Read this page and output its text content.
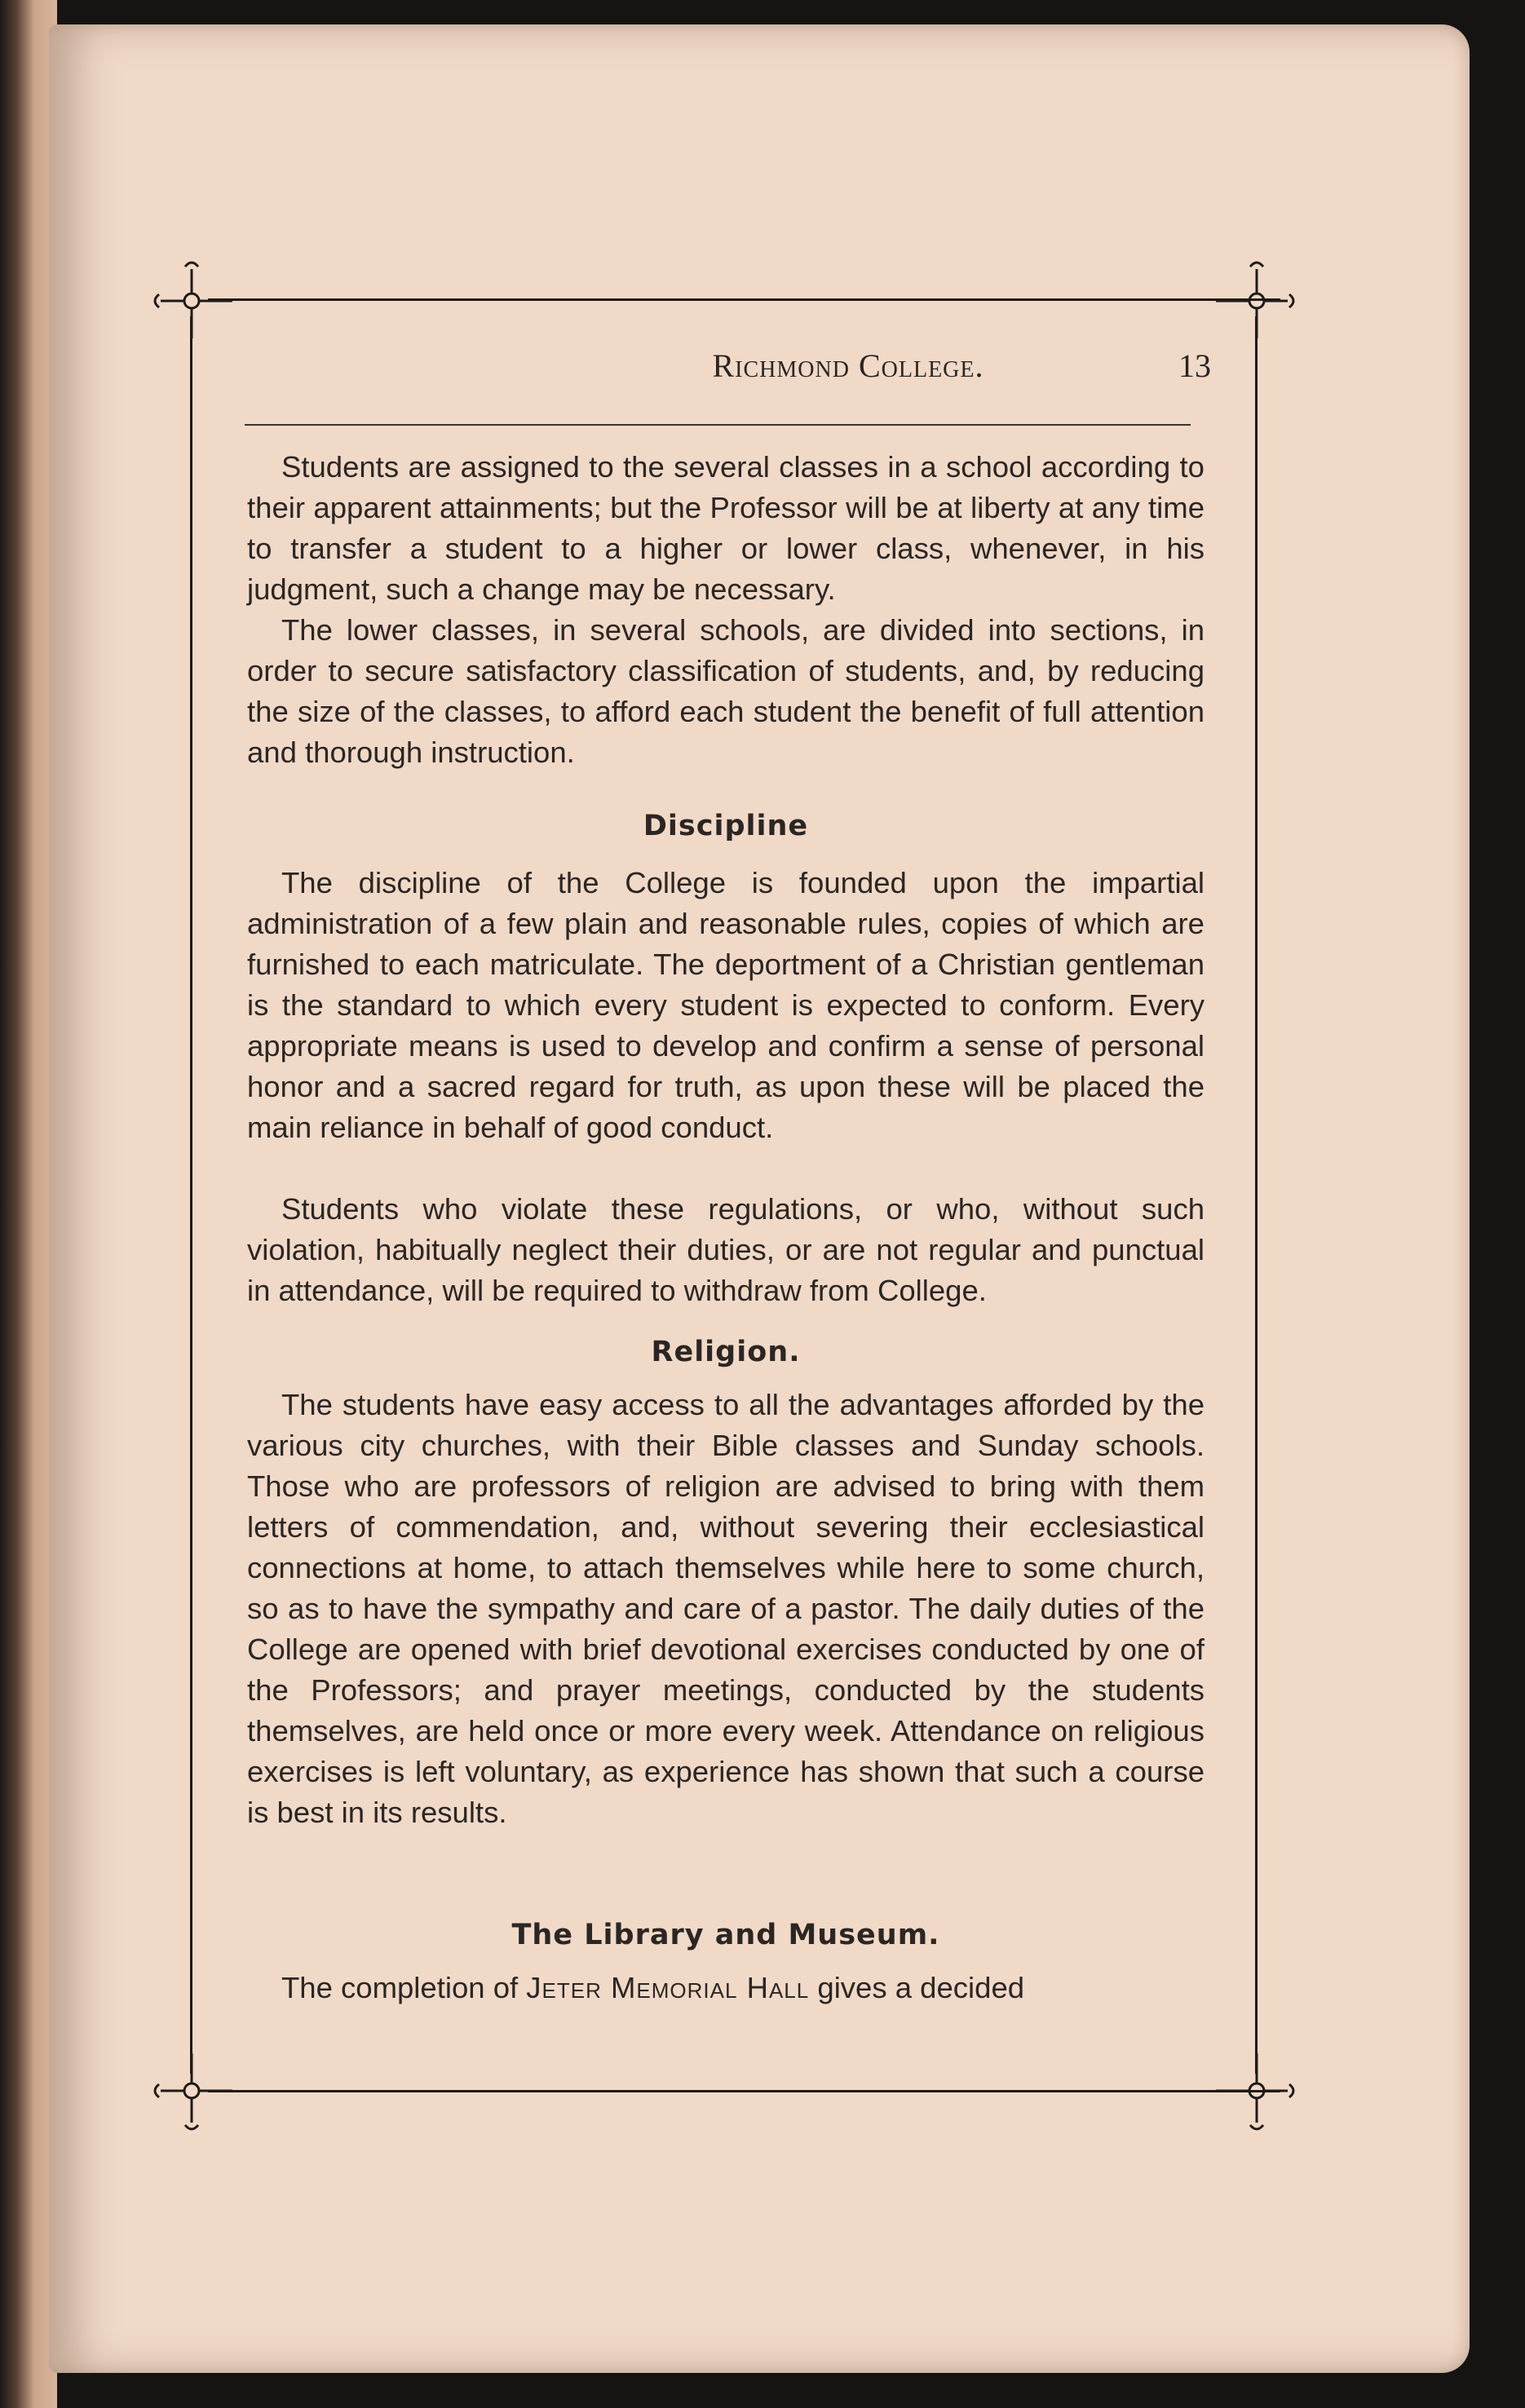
Richmond College.	13

Students are assigned to the several classes in a school according to their apparent attainments; but the Professor will be at liberty at any time to transfer a student to a higher or lower class, whenever, in his judgment, such a change may be necessary.

The lower classes, in several schools, are divided into sections, in order to secure satisfactory classification of students, and, by reducing the size of the classes, to afford each student the benefit of full attention and thorough instruction.

Discipline

The discipline of the College is founded upon the impartial administration of a few plain and reasonable rules, copies of which are furnished to each matriculate. The deportment of a Christian gentleman is the standard to which every student is expected to conform. Every appropriate means is used to develop and confirm a sense of personal honor and a sacred regard for truth, as upon these will be placed the main reliance in behalf of good conduct.

Students who violate these regulations, or who, without such violation, habitually neglect their duties, or are not regular and punctual in attendance, will be required to withdraw from College.

Religion.

The students have easy access to all the advantages afforded by the various city churches, with their Bible classes and Sunday schools. Those who are professors of religion are advised to bring with them letters of commendation, and, without severing their ecclesiastical connections at home, to attach themselves while here to some church, so as to have the sympathy and care of a pastor. The daily duties of the College are opened with brief devotional exercises conducted by one of the Professors; and prayer meetings, conducted by the students themselves, are held once or more every week. Attendance on religious exercises is left voluntary, as experience has shown that such a course is best in its results.

The Library and Museum.

The completion of Jeter Memorial Hall gives a decided
